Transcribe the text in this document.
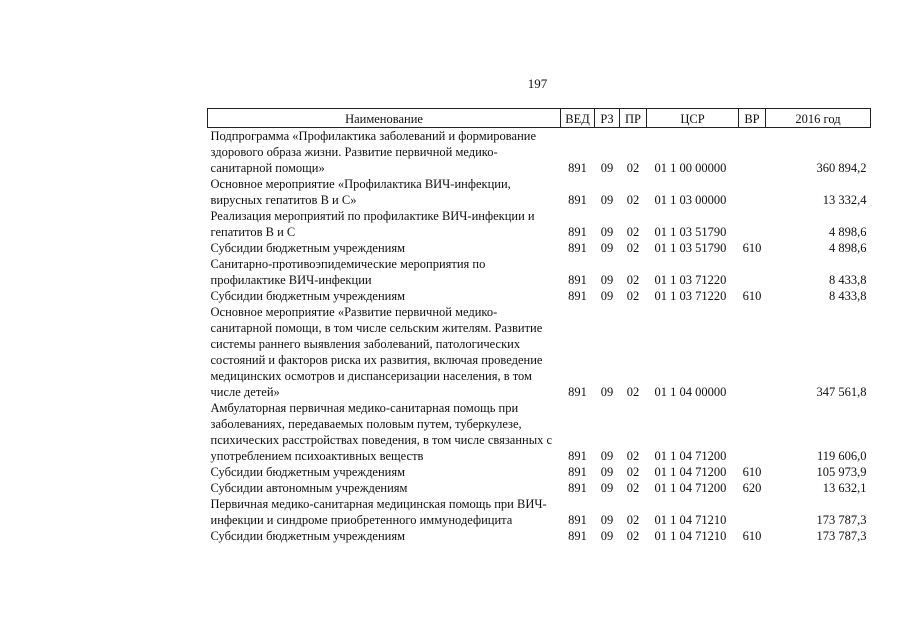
197
Наименование	ВЕД	РЗ	ПР	ЦСР	ВР	2016 год
Подпрограмма «Профилактика заболеваний и формирование здорового образа жизни. Развитие первичной медико-санитарной помощи»	891	09	02	01 1 00 00000		360 894,2
Основное мероприятие «Профилактика ВИЧ-инфекции, вирусных гепатитов В и С»	891	09	02	01 1 03 00000		13 332,4
Реализация мероприятий по профилактике ВИЧ-инфекции и гепатитов В и С	891	09	02	01 1 03 51790		4 898,6
Субсидии бюджетным учреждениям	891	09	02	01 1 03 51790	610	4 898,6
Санитарно-противоэпидемические мероприятия по профилактике ВИЧ-инфекции	891	09	02	01 1 03 71220		8 433,8
Субсидии бюджетным учреждениям	891	09	02	01 1 03 71220	610	8 433,8
Основное мероприятие «Развитие первичной медико-санитарной помощи, в том числе сельским жителям. Развитие системы раннего выявления заболеваний, патологических состояний и факторов риска их развития, включая проведение медицинских осмотров и диспансеризации населения, в том числе детей»	891	09	02	01 1 04 00000		347 561,8
Амбулаторная первичная медико-санитарная помощь при заболеваниях, передаваемых половым путем, туберкулезе, психических расстройствах поведения, в том числе связанных с употреблением психоактивных веществ	891	09	02	01 1 04 71200		119 606,0
Субсидии бюджетным учреждениям	891	09	02	01 1 04 71200	610	105 973,9
Субсидии автономным учреждениям	891	09	02	01 1 04 71200	620	13 632,1
Первичная медико-санитарная медицинская помощь при ВИЧ-инфекции и синдроме приобретенного иммунодефицита	891	09	02	01 1 04 71210		173 787,3
Субсидии бюджетным учреждениям	891	09	02	01 1 04 71210	610	173 787,3
